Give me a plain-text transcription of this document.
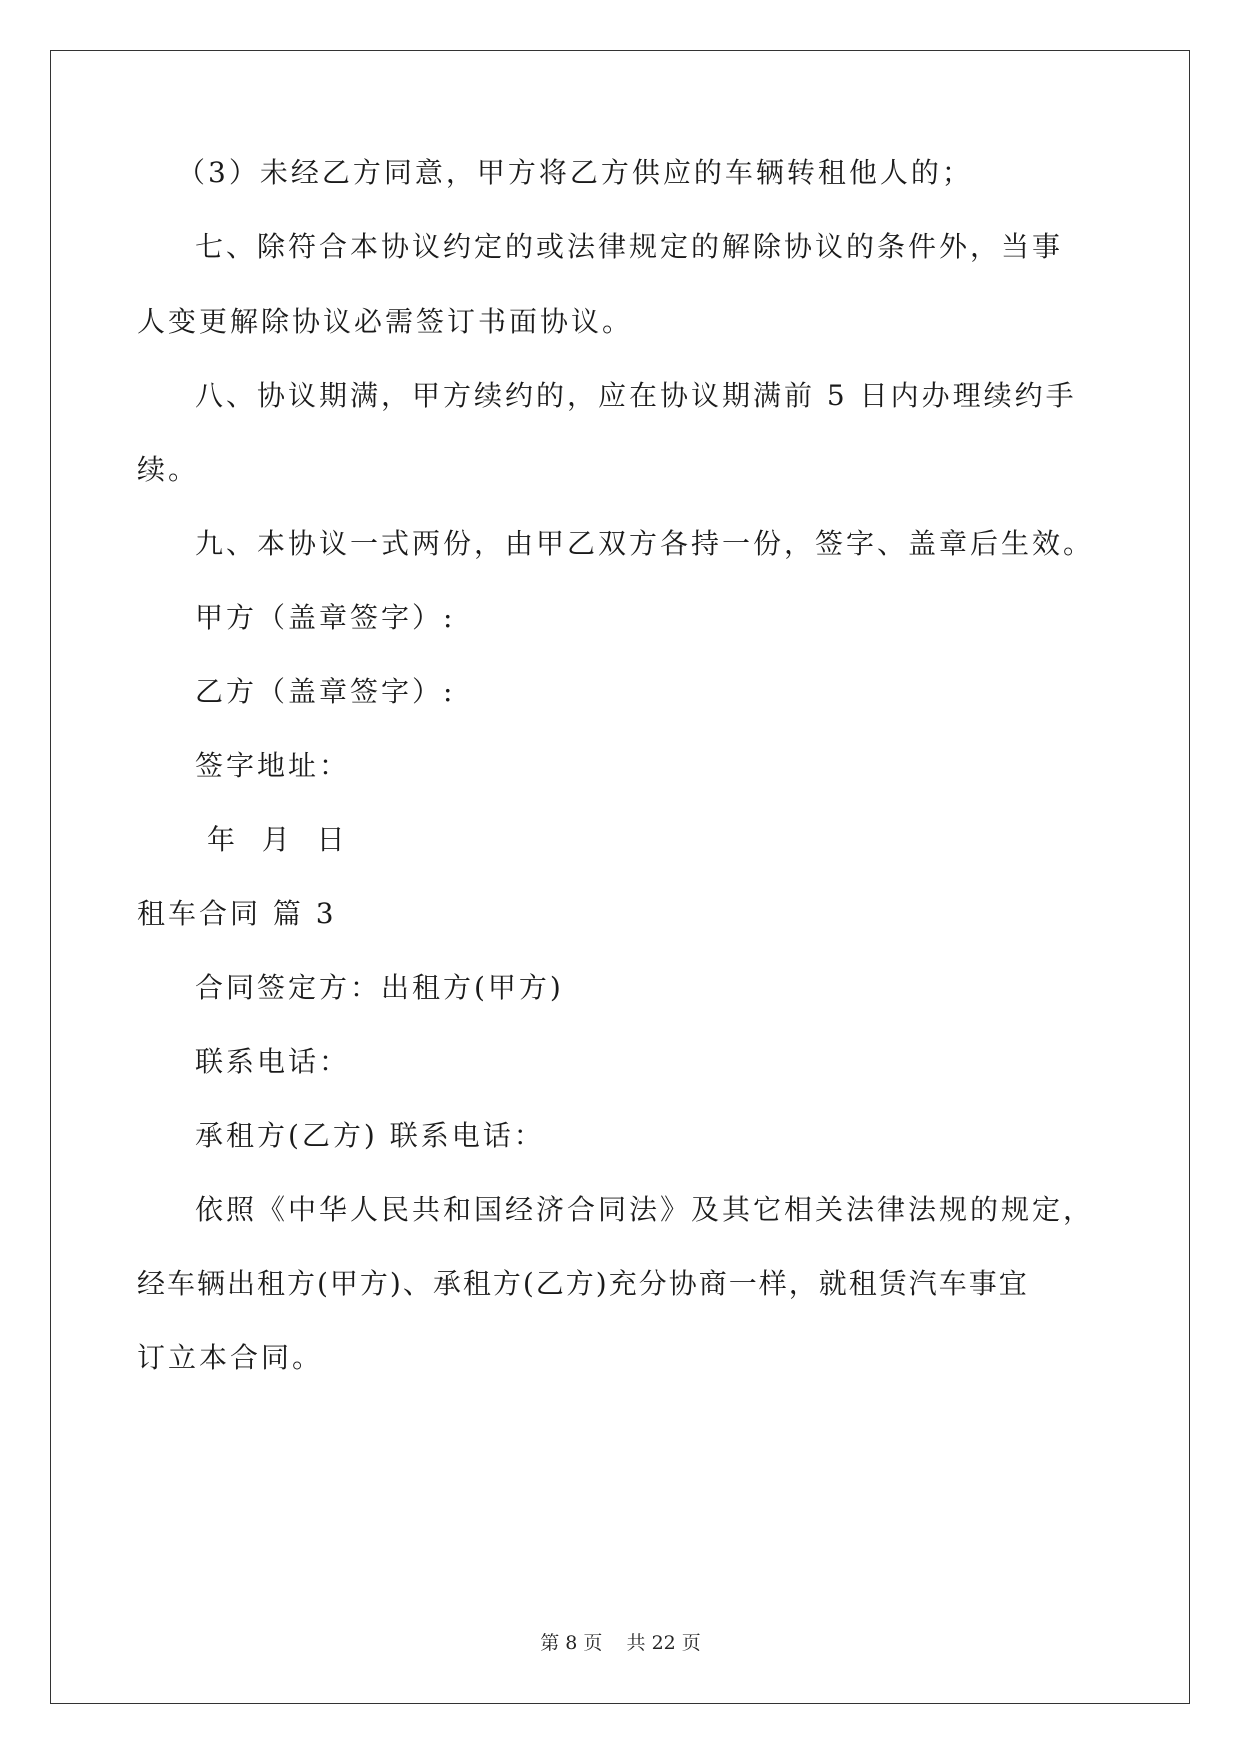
（3）未经乙方同意，甲方将乙方供应的车辆转租他人的；
七、除符合本协议约定的或法律规定的解除协议的条件外，当事
人变更解除协议必需签订书面协议。
八、协议期满，甲方续约的，应在协议期满前 5 日内办理续约手
续。
九、本协议一式两份，由甲乙双方各持一份，签字、盖章后生效。
甲方（盖章签字）:
乙方（盖章签字）:
签字地址：
年  月  日
租车合同 篇 3
合同签定方：出租方(甲方)
联系电话：
承租方(乙方) 联系电话：
依照《中华人民共和国经济合同法》及其它相关法律法规的规定，
经车辆出租方(甲方)、承租方(乙方)充分协商一样，就租赁汽车事宜
订立本合同。
第 8 页    共 22 页
